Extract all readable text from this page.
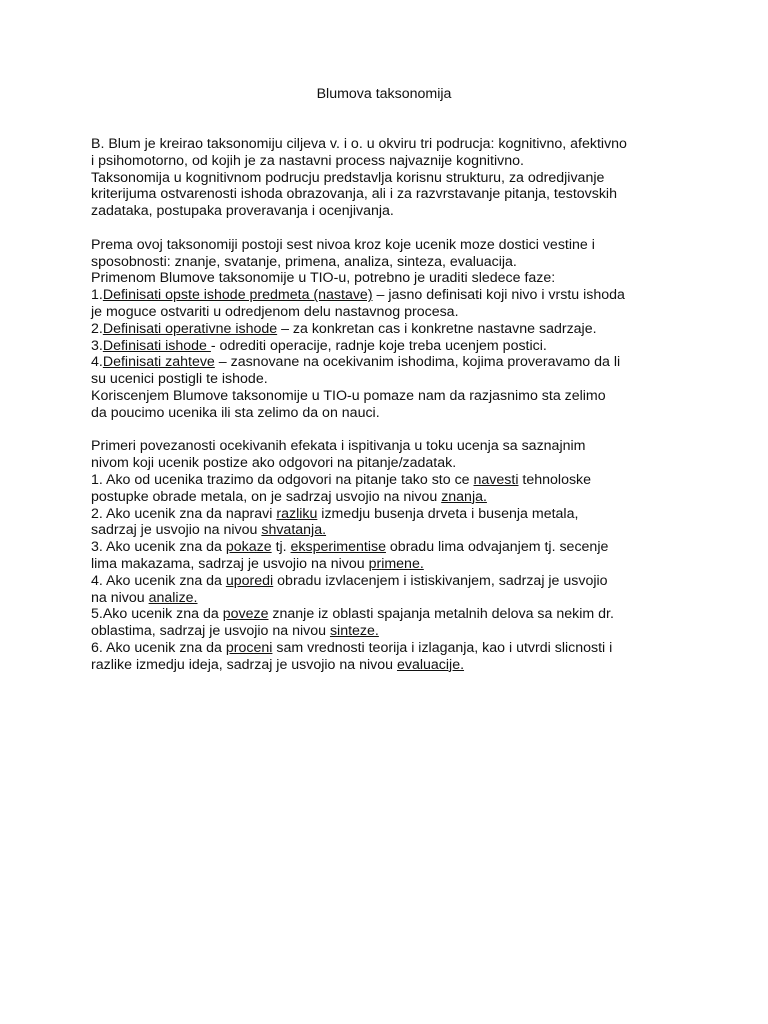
Blumova taksonomija
B. Blum je kreirao taksonomiju ciljeva v. i o. u okviru tri podrucja: kognitivno, afektivno
i psihomotorno, od kojih je za nastavni process najvaznije kognitivno.
Taksonomija u kognitivnom podrucju predstavlja korisnu strukturu, za odredjivanje
kriterijuma ostvarenosti ishoda obrazovanja, ali i za razvrstavanje pitanja, testovskih
zadataka, postupaka proveravanja i ocenjivanja.
Prema ovoj taksonomiji postoji sest nivoa kroz koje ucenik moze dostici vestine i
sposobnosti: znanje, svatanje, primena, analiza, sinteza, evaluacija.
Primenom Blumove taksonomije u TIO-u, potrebno je uraditi sledece faze:
1.Definisati opste ishode predmeta (nastave) – jasno definisati koji nivo i vrstu ishoda
je moguce ostvariti u odredjenom delu nastavnog procesa.
2.Definisati operativne ishode – za konkretan cas i konkretne nastavne sadrzaje.
3.Definisati ishode - odrediti operacije, radnje koje treba ucenjem postici.
4.Definisati zahteve – zasnovane na ocekivanim ishodima, kojima proveravamo da li
su ucenici postigli te ishode.
Koriscenjem Blumove taksonomije u TIO-u pomaze nam da razjasnimo sta zelimo
da poucimo ucenika ili sta zelimo da on nauci.
Primeri povezanosti ocekivanih efekata i ispitivanja u toku ucenja sa saznajnim
nivom koji ucenik postize ako odgovori na pitanje/zadatak.
1. Ako od ucenika trazimo da odgovori na pitanje tako sto ce navesti tehnoloske
postupke obrade metala, on je sadrzaj usvojio na nivou znanja.
2. Ako ucenik zna da napravi razliku izmedju busenja drveta i busenja metala,
sadrzaj je usvojio na nivou shvatanja.
3. Ako ucenik zna da pokaze tj. eksperimentise obradu lima odvajanjem tj. secenje
lima makazama, sadrzaj je usvojio na nivou primene.
4. Ako ucenik zna da uporedi obradu izvlacenjem i istiskivanjem, sadrzaj je usvojio
na nivou analize.
5.Ako ucenik zna da poveze znanje iz oblasti spajanja metalnih delova sa nekim dr.
oblastima, sadrzaj je usvojio na nivou sinteze.
6. Ako ucenik zna da proceni sam vrednosti teorija i izlaganja, kao i utvrdi slicnosti i
razlike izmedju ideja, sadrzaj je usvojio na nivou evaluacije.
